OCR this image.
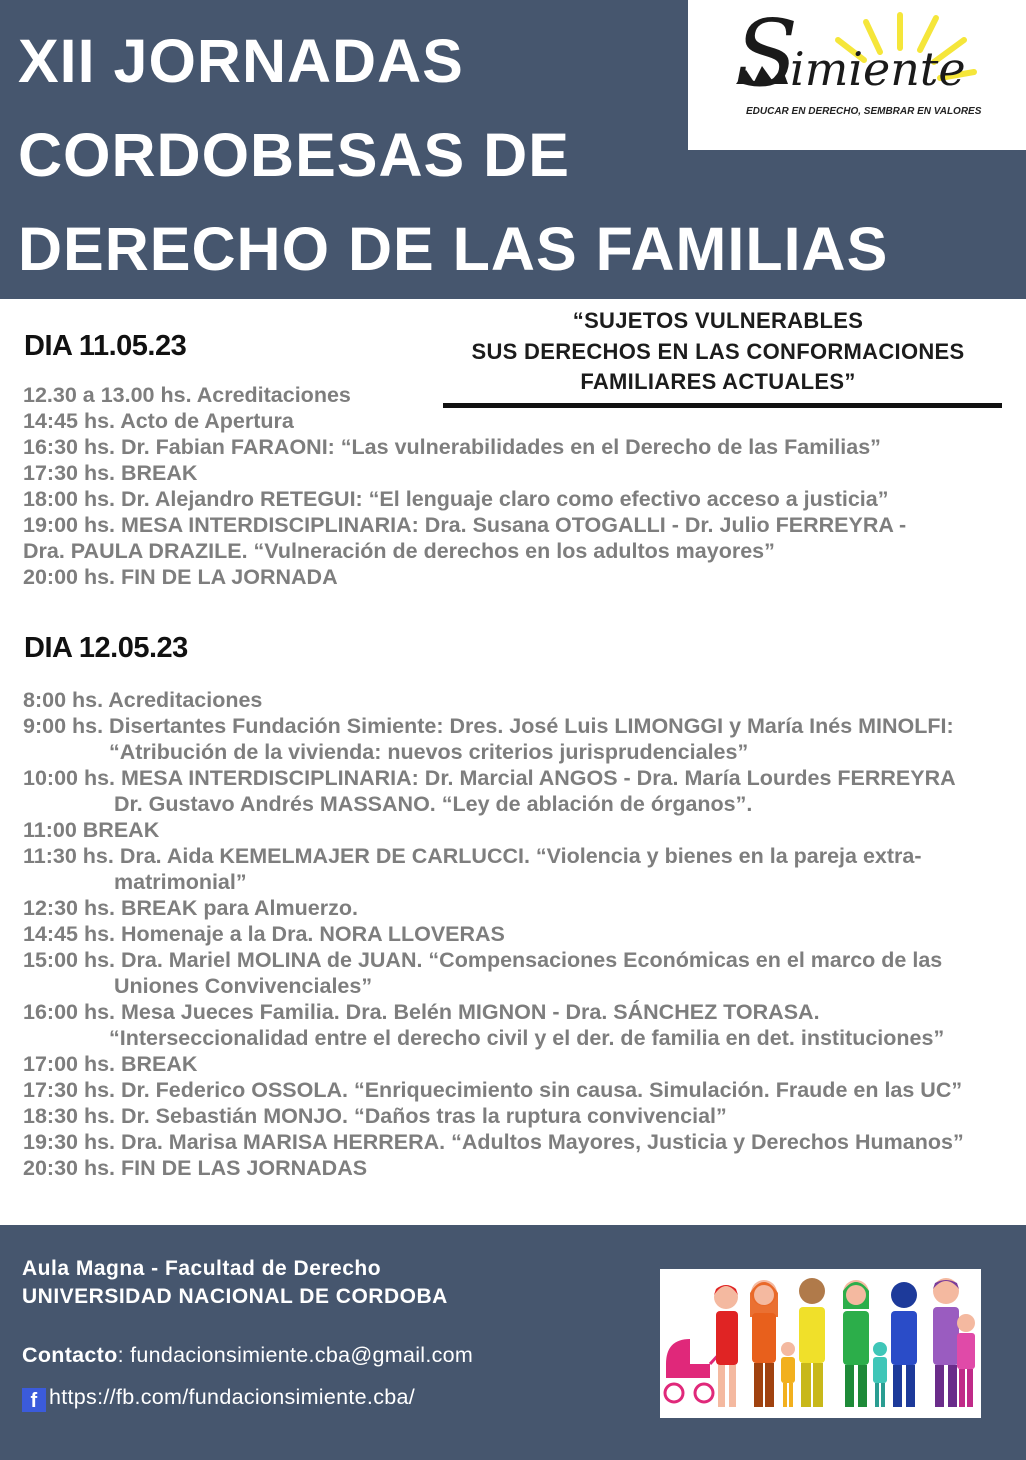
XII JORNADAS
CORDOBESAS DE
DERECHO DE LAS FAMILIAS
S
imiente
EDUCAR EN DERECHO, SEMBRAR EN VALORES
“SUJETOS VULNERABLES
SUS DERECHOS EN LAS CONFORMACIONES
FAMILIARES ACTUALES”
DIA 11.05.23
12.30 a 13.00 hs. Acreditaciones
14:45 hs. Acto de Apertura
16:30 hs. Dr. Fabian FARAONI: “Las vulnerabilidades en el Derecho de las Familias”
17:30 hs. BREAK
18:00 hs. Dr. Alejandro RETEGUI: “El lenguaje claro como efectivo acceso a justicia”
19:00 hs. MESA INTERDISCIPLINARIA: Dra. Susana OTOGALLI - Dr. Julio FERREYRA -
Dra. PAULA DRAZILE. “Vulneración de derechos en los adultos mayores”
20:00 hs. FIN DE LA JORNADA
DIA 12.05.23
8:00 hs. Acreditaciones
9:00 hs. Disertantes Fundación Simiente: Dres. José Luis LIMONGGI y María Inés MINOLFI:
“Atribución de la vivienda: nuevos criterios jurisprudenciales”
10:00 hs. MESA INTERDISCIPLINARIA: Dr. Marcial ANGOS - Dra. María Lourdes FERREYRA
Dr. Gustavo Andrés MASSANO. “Ley de ablación de órganos”.
11:00 BREAK
11:30 hs. Dra. Aida KEMELMAJER DE CARLUCCI. “Violencia y bienes en la pareja extra-
matrimonial”
12:30 hs. BREAK para Almuerzo.
14:45 hs. Homenaje a la Dra. NORA LLOVERAS
15:00 hs. Dra. Mariel MOLINA de JUAN. “Compensaciones Económicas en el marco de las
Uniones Convivenciales”
16:00 hs. Mesa Jueces Familia. Dra. Belén MIGNON - Dra. SÁNCHEZ TORASA.
“Interseccionalidad entre el derecho civil y el der. de familia en det. instituciones”
17:00 hs. BREAK
17:30 hs. Dr. Federico OSSOLA. “Enriquecimiento sin causa. Simulación. Fraude en las UC”
18:30 hs. Dr. Sebastián MONJO. “Daños tras la ruptura convivencial”
19:30 hs. Dra. Marisa MARISA HERRERA. “Adultos Mayores, Justicia y Derechos Humanos”
20:30 hs. FIN DE LAS JORNADAS
Aula Magna - Facultad de Derecho
UNIVERSIDAD NACIONAL DE CORDOBA
Contacto: fundacionsimiente.cba@gmail.com
f https://fb.com/fundacionsimiente.cba/
